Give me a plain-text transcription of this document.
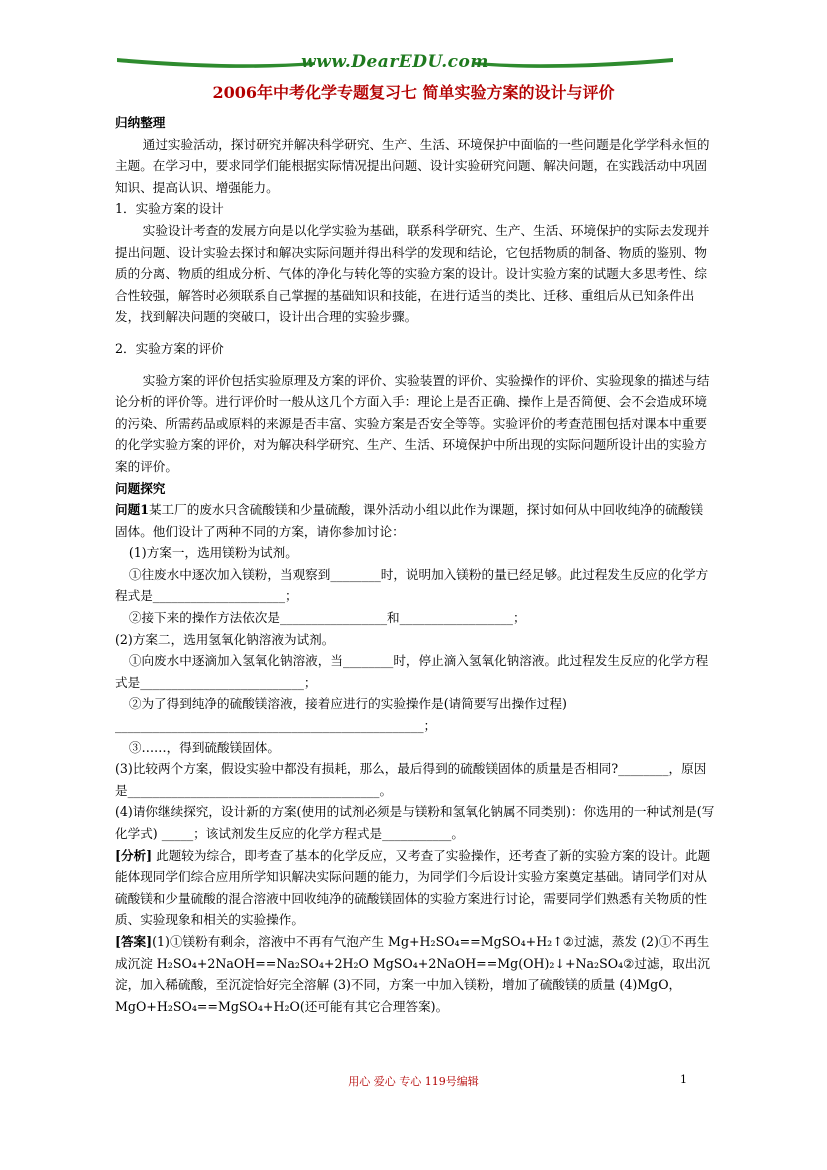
www.DearEDU.com
2006年中考化学专题复习七 简单实验方案的设计与评价

归纳整理

通过实验活动，探讨研究并解决科学研究、生产、生活、环境保护中面临的一些问题是化学学科永恒的主题。在学习中，要求同学们能根据实际情况提出问题、设计实验研究问题、解决问题，在实践活动中巩固知识、提高认识、增强能力。

1．实验方案的设计

实验设计考查的发展方向是以化学实验为基础，联系科学研究、生产、生活、环境保护的实际去发现并提出问题、设计实验去探讨和解决实际问题并得出科学的发现和结论，它包括物质的制备、物质的鉴别、物质的分离、物质的组成分析、气体的净化与转化等的实验方案的设计。设计实验方案的试题大多思考性、综合性较强，解答时必须联系自己掌握的基础知识和技能，在进行适当的类比、迁移、重组后从已知条件出发，找到解决问题的突破口，设计出合理的实验步骤。

2．实验方案的评价

实验方案的评价包括实验原理及方案的评价、实验装置的评价、实验操作的评价、实验现象的描述与结论分析的评价等。进行评价时一般从这几个方面入手：理论上是否正确、操作上是否简便、会不会造成环境的污染、所需药品或原料的来源是否丰富、实验方案是否安全等等。实验评价的考查范围包括对课本中重要的化学实验方案的评价，对为解决科学研究、生产、生活、环境保护中所出现的实际问题所设计出的实验方案的评价。

问题探究

问题1某工厂的废水只含硫酸镁和少量硫酸，课外活动小组以此作为课题，探讨如何从中回收纯净的硫酸镁固体。他们设计了两种不同的方案，请你参加讨论：

(1)方案一，选用镁粉为试剂。

①往废水中逐次加入镁粉，当观察到________时，说明加入镁粉的量已经足够。此过程发生反应的化学方程式是_____________________；

②接下来的操作方法依次是_________________和__________________；

(2)方案二，选用氢氧化钠溶液为试剂。

①向废水中逐滴加入氢氧化钠溶液，当________时，停止滴入氢氧化钠溶液。此过程发生反应的化学方程式是__________________________；

②为了得到纯净的硫酸镁溶液，接着应进行的实验操作是(请简要写出操作过程)

_________________________________________________；

③……，得到硫酸镁固体。

(3)比较两个方案，假设实验中都没有损耗，那么，最后得到的硫酸镁固体的质量是否相同?________，原因是________________________________________。

(4)请你继续探究，设计新的方案(使用的试剂必须是与镁粉和氢氧化钠属不同类别)：你选用的一种试剂是(写化学式) _____；该试剂发生反应的化学方程式是___________。

[分析] 此题较为综合，即考查了基本的化学反应，又考查了实验操作，还考查了新的实验方案的设计。此题能体现同学们综合应用所学知识解决实际问题的能力，为同学们今后设计实验方案奠定基础。请同学们对从硫酸镁和少量硫酸的混合溶液中回收纯净的硫酸镁固体的实验方案进行讨论，需要同学们熟悉有关物质的性质、实验现象和相关的实验操作。

[答案](1)①镁粉有剩余，溶液中不再有气泡产生 Mg+H₂SO₄==MgSO₄+H₂↑②过滤，蒸发 (2)①不再生成沉淀 H₂SO₄+2NaOH==Na₂SO₄+2H₂O MgSO₄+2NaOH==Mg(OH)₂↓+Na₂SO₄②过滤，取出沉淀，加入稀硫酸，至沉淀恰好完全溶解 (3)不同，方案一中加入镁粉，增加了硫酸镁的质量 (4)MgO，MgO+H₂SO₄==MgSO₄+H₂O(还可能有其它合理答案)。

用心 爱心 专心 119号编辑	1
